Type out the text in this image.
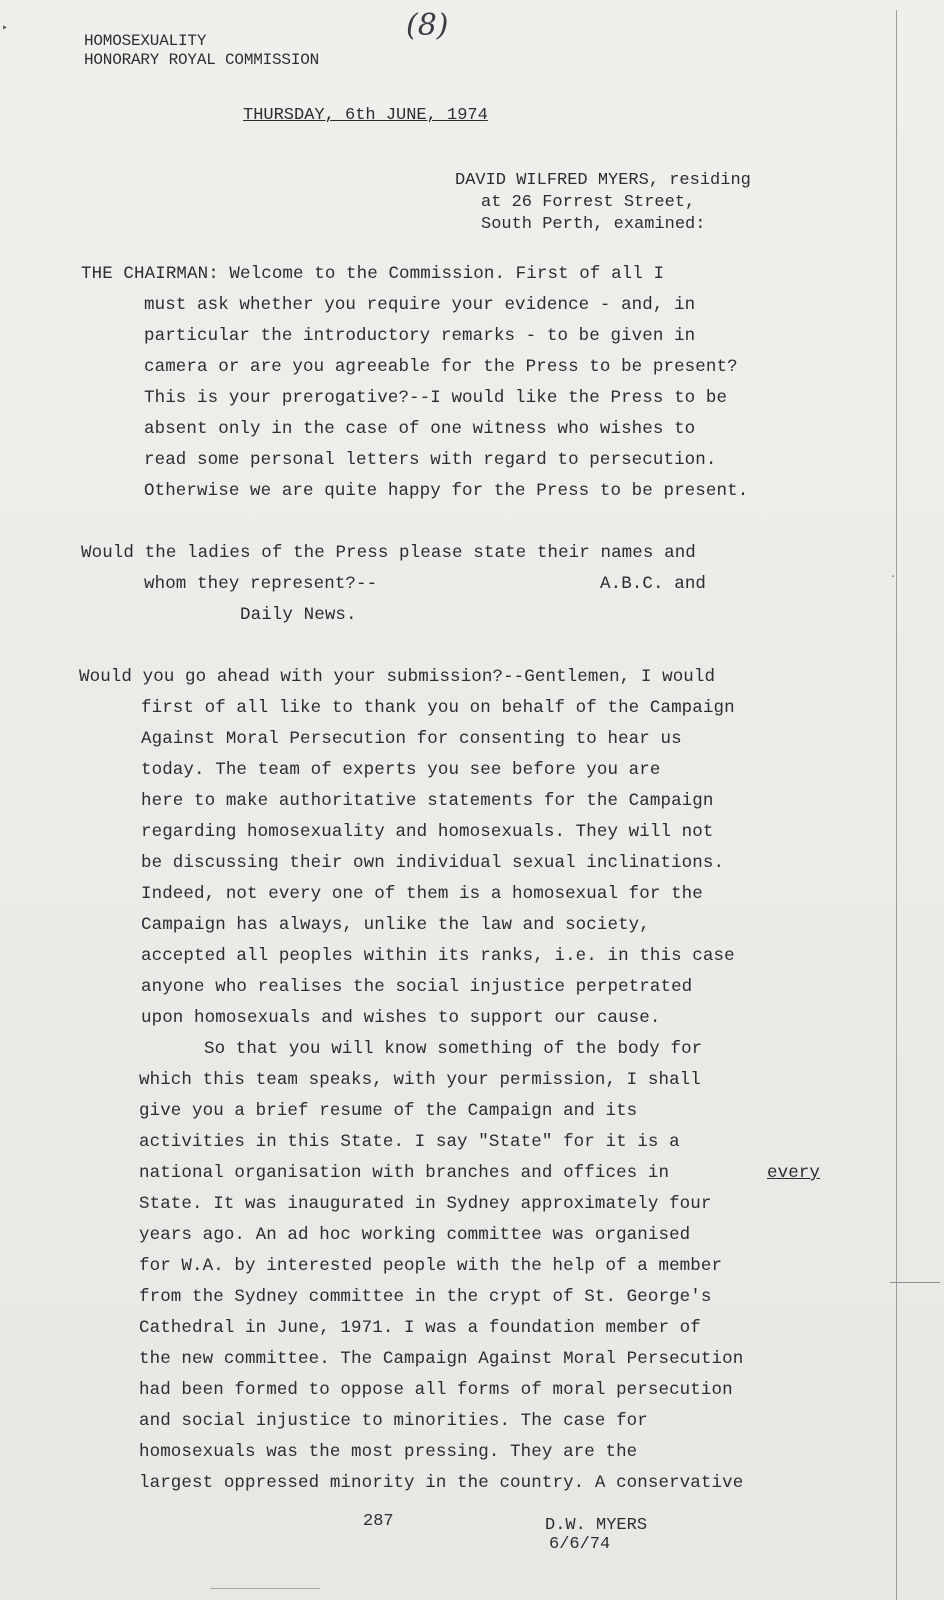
▸
·
HOMOSEXUALITY
HONORARY ROYAL COMMISSION
(8)
THURSDAY, 6th JUNE, 1974
DAVID WILFRED MYERS, residing
at 26 Forrest Street,
South Perth, examined:
THE CHAIRMAN: Welcome to the Commission. First of all I
must ask whether you require your evidence - and, in
particular the introductory remarks - to be given in
camera or are you agreeable for the Press to be present?
This is your prerogative?--I would like the Press to be
absent only in the case of one witness who wishes to
read some personal letters with regard to persecution.
Otherwise we are quite happy for the Press to be present.
Would the ladies of the Press please state their names and
whom they represent?--	A.B.C. and
Daily News.
Would you go ahead with your submission?--Gentlemen, I would
first of all like to thank you on behalf of the Campaign
Against Moral Persecution for consenting to hear us
today. The team of experts you see before you are
here to make authoritative statements for the Campaign
regarding homosexuality and homosexuals. They will not
be discussing their own individual sexual inclinations.
Indeed, not every one of them is a homosexual for the
Campaign has always, unlike the law and society,
accepted all peoples within its ranks, i.e. in this case
anyone who realises the social injustice perpetrated
upon homosexuals and wishes to support our cause.
So that you will know something of the body for
which this team speaks, with your permission, I shall
give you a brief resume of the Campaign and its
activities in this State. I say "State" for it is a
national organisation with branches and offices in	every
State. It was inaugurated in Sydney approximately four
years ago. An ad hoc working committee was organised
for W.A. by interested people with the help of a member
from the Sydney committee in the crypt of St. George's
Cathedral in June, 1971. I was a foundation member of
the new committee. The Campaign Against Moral Persecution
had been formed to oppose all forms of moral persecution
and social injustice to minorities. The case for
homosexuals was the most pressing. They are the
largest oppressed minority in the country. A conservative
287	D.W. MYERS
6/6/74
